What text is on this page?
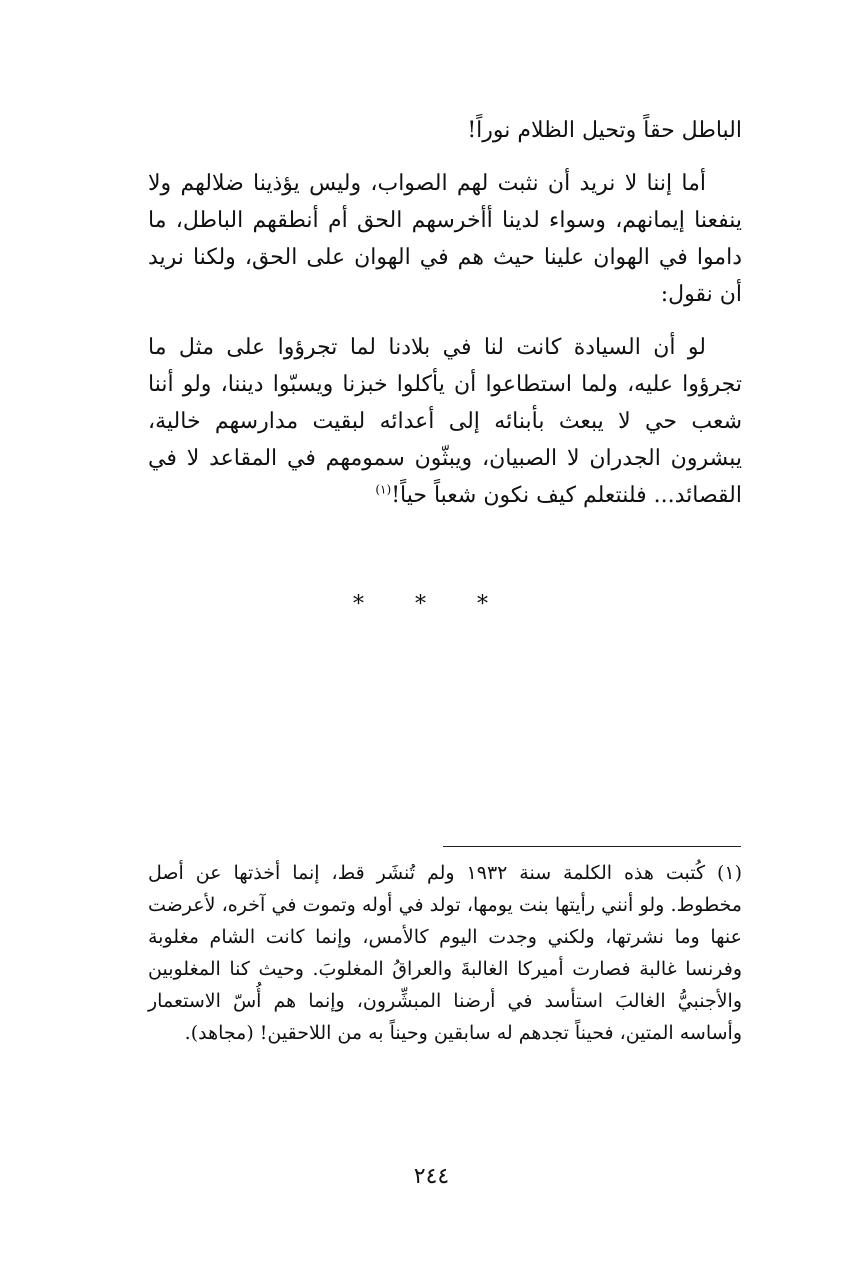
الباطل حقاً وتحيل الظلام نوراً!

أما إننا لا نريد أن نثبت لهم الصواب، وليس يؤذينا ضلالهم ولا ينفعنا إيمانهم، وسواء لدينا أأخرسهم الحق أم أنطقهم الباطل، ما داموا في الهوان علينا حيث هم في الهوان على الحق، ولكنا نريد أن نقول:

لو أن السيادة كانت لنا في بلادنا لما تجرؤوا على مثل ما تجرؤوا عليه، ولما استطاعوا أن يأكلوا خبزنا ويسبّوا ديننا، ولو أننا شعب حي لا يبعث بأبنائه إلى أعدائه لبقيت مدارسهم خالية، يبشرون الجدران لا الصبيان، ويبثّون سمومهم في المقاعد لا في القصائد... فلنتعلم كيف نكون شعباً حياً!$^{(١)}$

* * *

(١) كُتبت هذه الكلمة سنة ١٩٣٢ ولم تُنشَر قط، إنما أخذتها عن أصل مخطوط. ولو أنني رأيتها بنت يومها، تولد في أوله وتموت في آخره، لأعرضت عنها وما نشرتها، ولكني وجدت اليوم كالأمس، وإنما كانت الشام مغلوبة وفرنسا غالبة فصارت أميركا الغالبةَ والعراقُ المغلوبَ. وحيث كنا المغلوبين والأجنبيُّ الغالبَ استأسد في أرضنا المبشِّرون، وإنما هم أُسّ الاستعمار وأساسه المتين، فحيناً تجدهم له سابقين وحيناً به من اللاحقين! (مجاهد).

٢٤٤
